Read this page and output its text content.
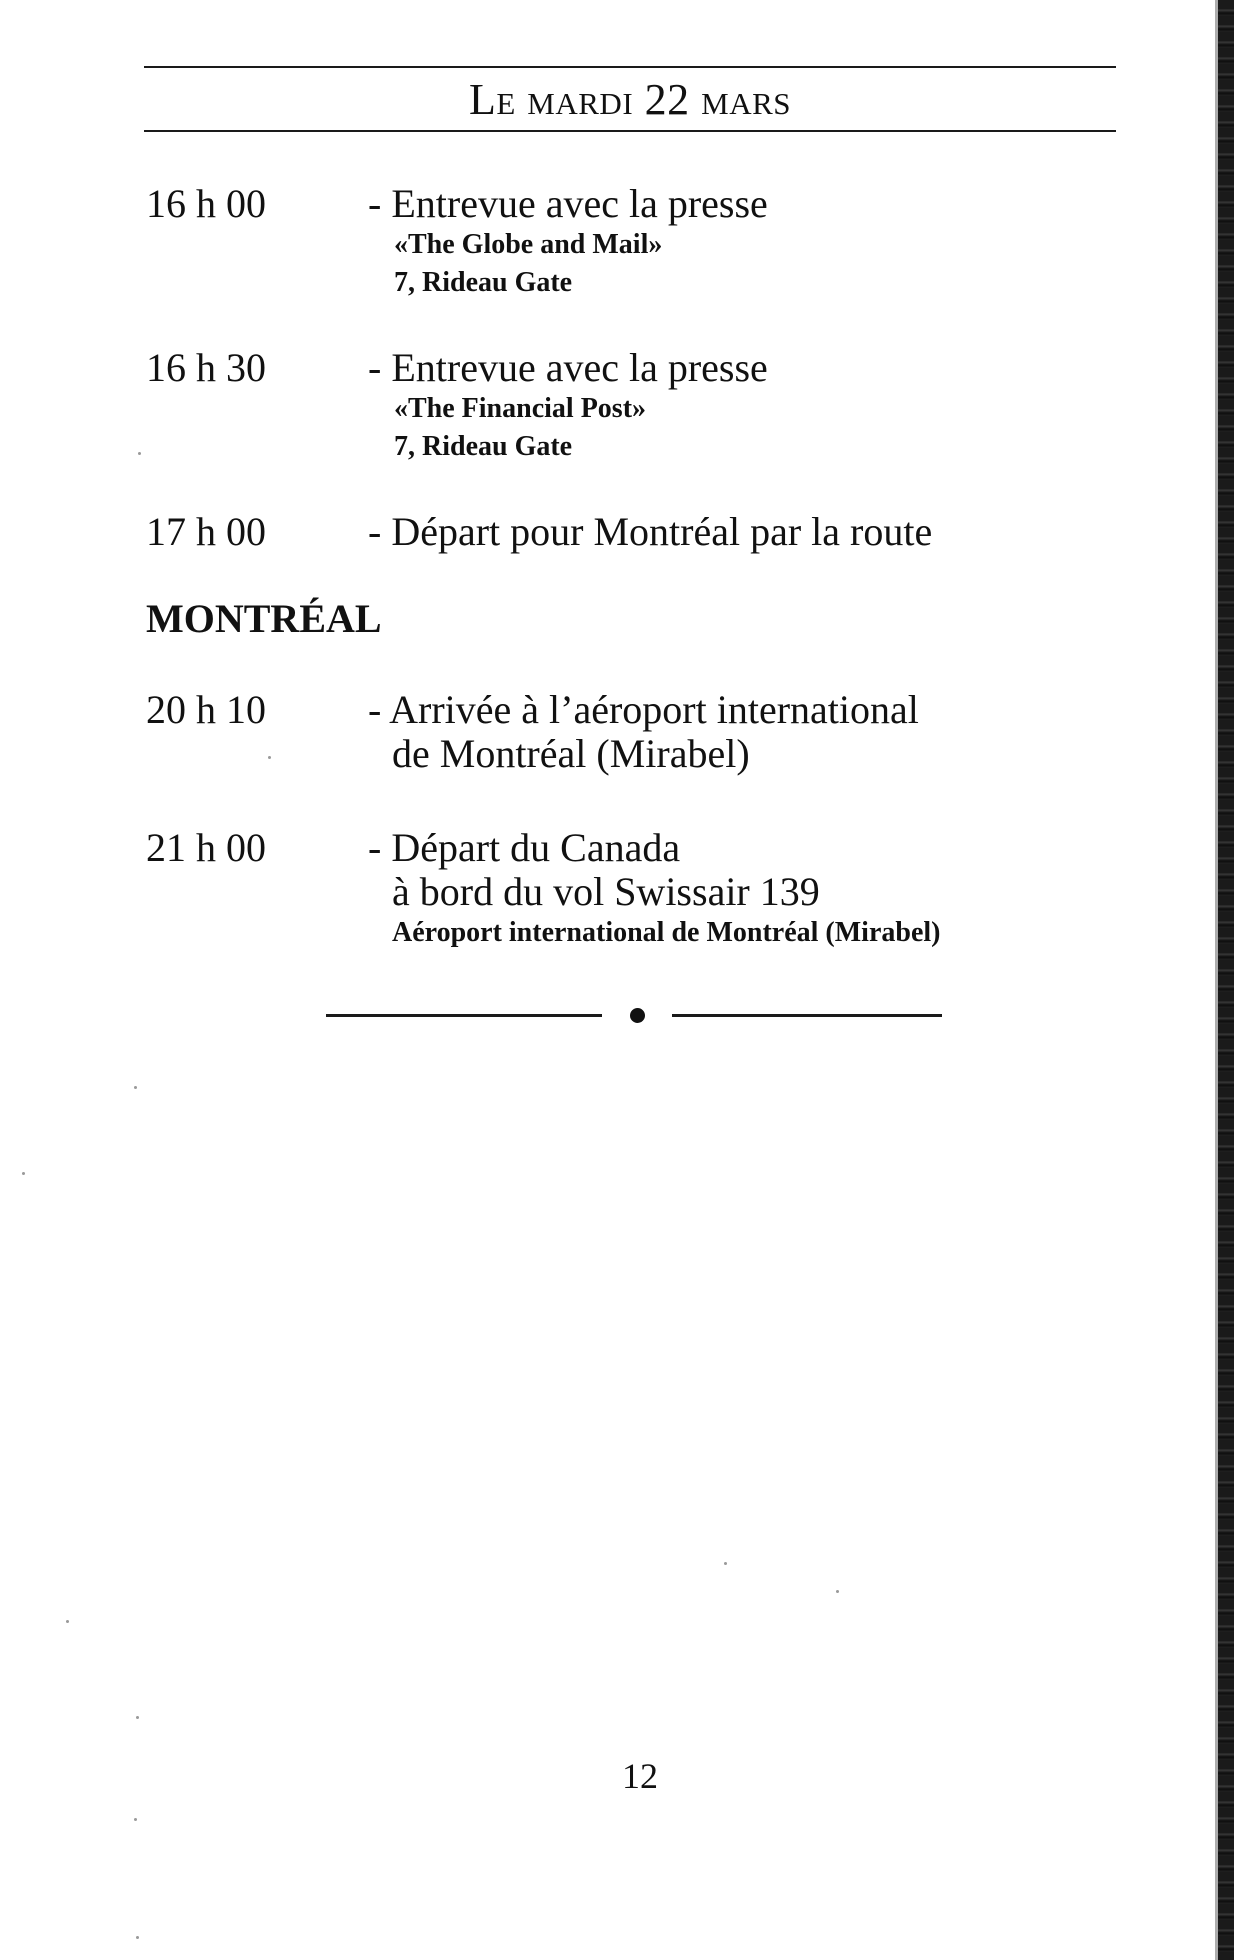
Le mardi 22 mars
16 h 00	- Entrevue avec la presse
«The Globe and Mail»
7, Rideau Gate
16 h 30	- Entrevue avec la presse
«The Financial Post»
7, Rideau Gate
17 h 00	- Départ pour Montréal par la route
MONTRÉAL
20 h 10	- Arrivée à l’aéroport international
de Montréal (Mirabel)
21 h 00	- Départ du Canada
à bord du vol Swissair 139
Aéroport international de Montréal (Mirabel)
12
